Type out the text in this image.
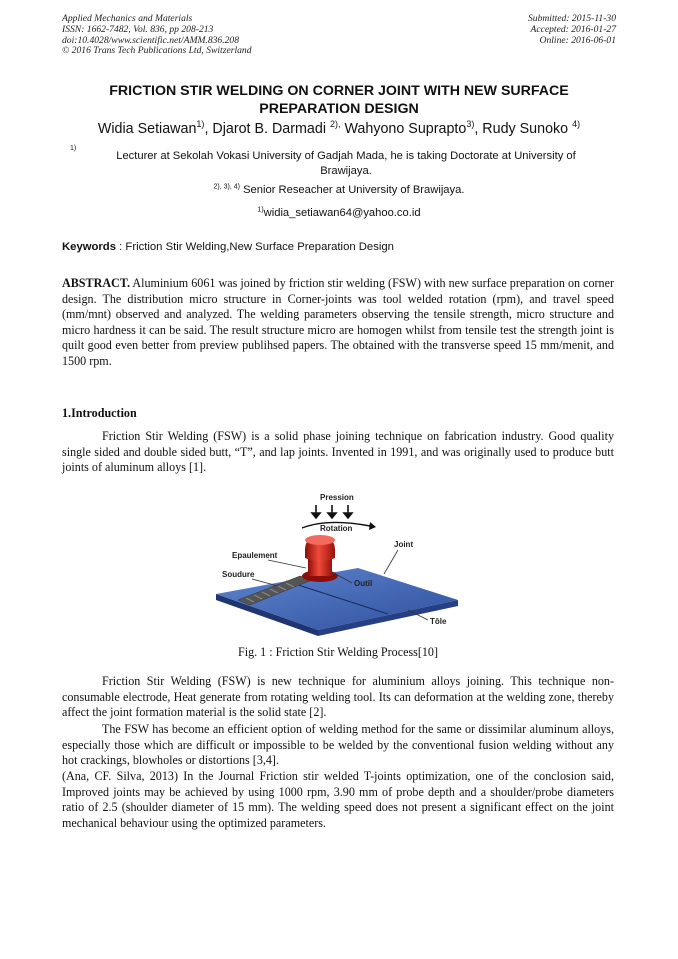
Applied Mechanics and Materials
ISSN: 1662-7482, Vol. 836, pp 208-213
doi:10.4028/www.scientific.net/AMM.836.208
© 2016 Trans Tech Publications Ltd, Switzerland
Submitted: 2015-11-30
Accepted: 2016-01-27
Online: 2016-06-01
FRICTION STIR WELDING ON CORNER JOINT WITH NEW SURFACE
PREPARATION DESIGN
Widia Setiawan$^{1)}$, Djarot B. Darmadi $^{2),}$ Wahyono Suprapto$^{3)}$, Rudy Sunoko $^{4)}$
1)
Lecturer at Sekolah Vokasi University of Gadjah Mada, he is taking Doctorate at University of
Brawijaya.
$^{2), 3), 4)}$ Senior Reseacher at University of Brawijaya.
$^{1)}$widia_setiawan64@yahoo.co.id
Keywords : Friction Stir Welding,New Surface Preparation Design
ABSTRACT. Aluminium 6061 was joined by friction stir welding (FSW) with new surface preparation on corner design. The distribution micro structure in Corner-joints was tool welded rotation (rpm), and travel speed (mm/mnt) observed and analyzed. The welding parameters observing the tensile strength, micro structure and micro hardness it can be said. The result structure micro are homogen whilst from tensile test the strength joint is quilt good even better from preview publihsed papers. The obtained with the transverse speed 15 mm/menit, and 1500 rpm.
1.Introduction
Friction Stir Welding (FSW) is a solid phase joining technique on fabrication industry. Good quality single sided and double sided butt, “T”, and lap joints. Invented in 1991, and was originally used to produce butt joints of aluminum alloys [1].
Pression
Rotation
Joint
Epaulement
Soudure
Outil
Tôle
Fig. 1 : Friction Stir Welding Process[10]
Friction Stir Welding (FSW) is new technique for aluminium alloys joining. This technique non-consumable electrode, Heat generate from rotating welding tool. Its can deformation at the welding zone, thereby affect the joint formation material is the solid state [2].
The FSW has become an efficient option of welding method for the same or dissimilar aluminum alloys, especially those which are difficult or impossible to be welded by the conventional fusion welding without any hot crackings, blowholes or distortions [3,4].
(Ana, CF. Silva, 2013) In the Journal Friction stir welded T-joints optimization, one of the conclosion said, Improved joints may be achieved by using 1000 rpm, 3.90 mm of probe depth and a shoulder/probe diameters ratio of 2.5 (shoulder diameter of 15 mm). The welding speed does not present a significant effect on the joint mechanical behaviour using the optimized parameters.
